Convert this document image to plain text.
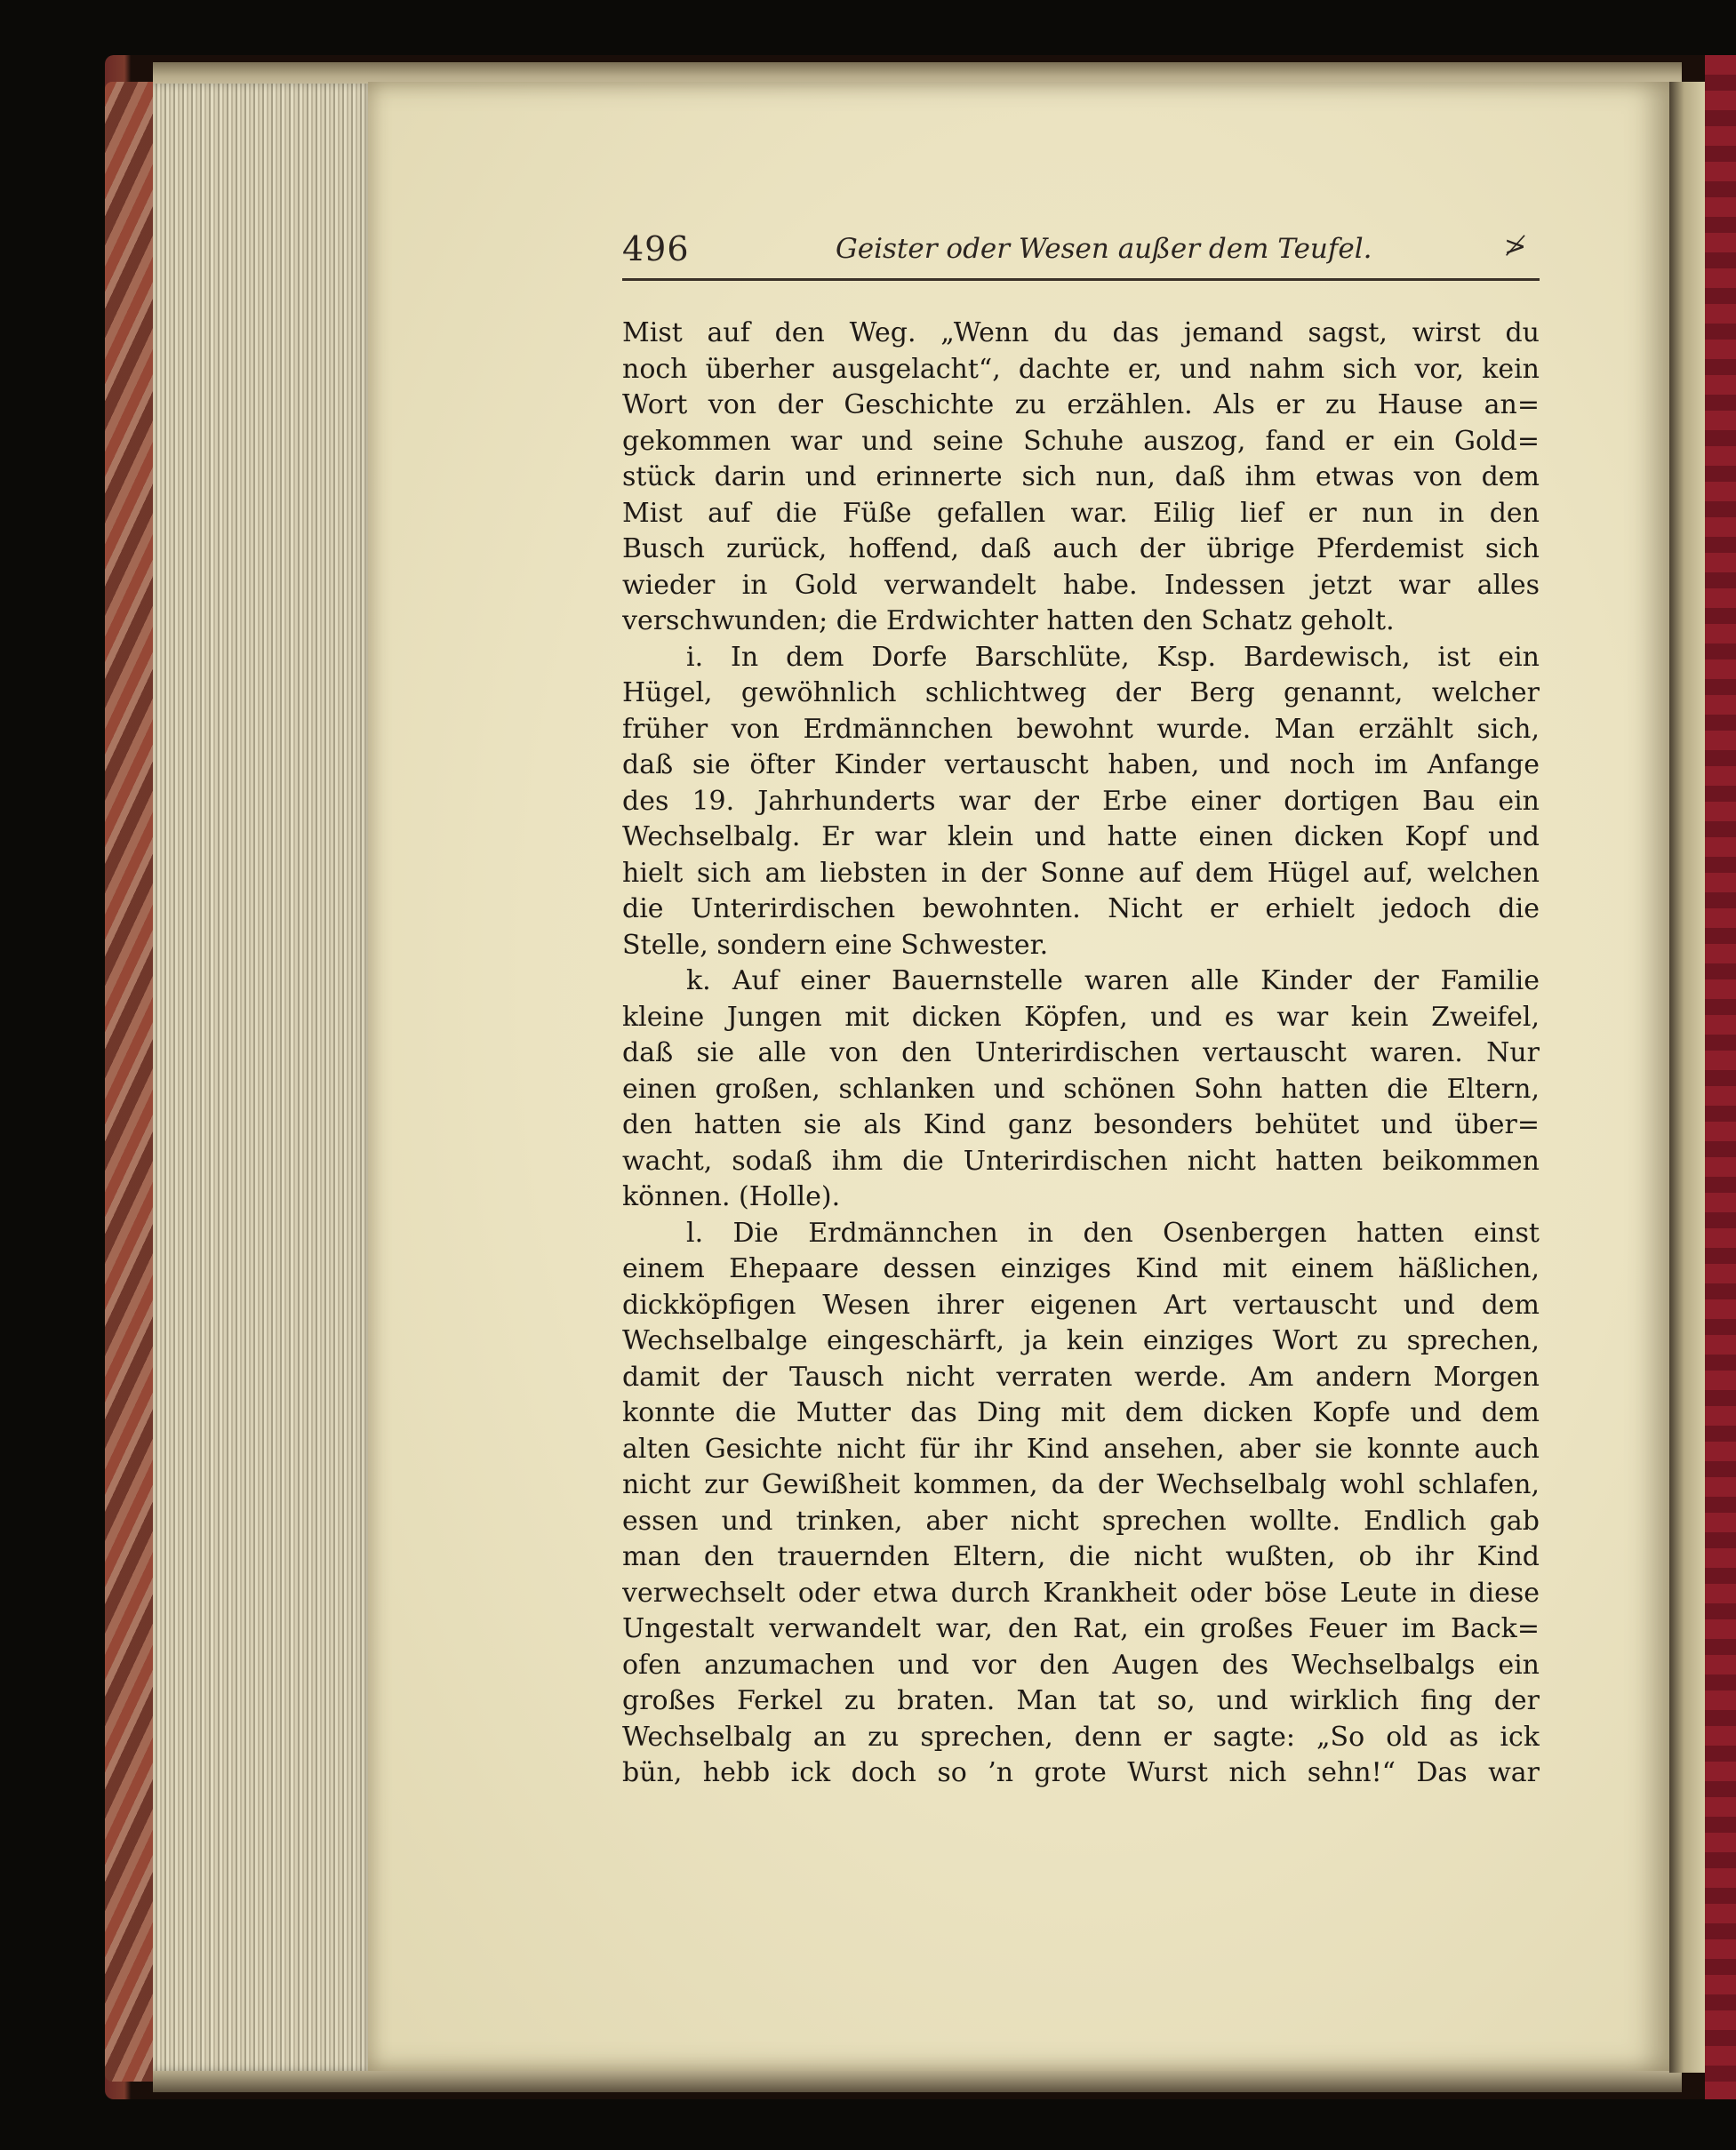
496	Geister oder Wesen außer dem Teufel.	≯
Mist auf den Weg. „Wenn du das jemand sagst, wirst du
noch überher ausgelacht“, dachte er, und nahm sich vor, kein
Wort von der Geschichte zu erzählen. Als er zu Hause an=
gekommen war und seine Schuhe auszog, fand er ein Gold=
stück darin und erinnerte sich nun, daß ihm etwas von dem
Mist auf die Füße gefallen war. Eilig lief er nun in den
Busch zurück, hoffend, daß auch der übrige Pferdemist sich
wieder in Gold verwandelt habe. Indessen jetzt war alles
verschwunden; die Erdwichter hatten den Schatz geholt.
i. In dem Dorfe Barschlüte, Ksp. Bardewisch, ist ein
Hügel, gewöhnlich schlichtweg der Berg genannt, welcher
früher von Erdmännchen bewohnt wurde. Man erzählt sich,
daß sie öfter Kinder vertauscht haben, und noch im Anfange
des 19. Jahrhunderts war der Erbe einer dortigen Bau ein
Wechselbalg. Er war klein und hatte einen dicken Kopf und
hielt sich am liebsten in der Sonne auf dem Hügel auf, welchen
die Unterirdischen bewohnten. Nicht er erhielt jedoch die
Stelle, sondern eine Schwester.
k. Auf einer Bauernstelle waren alle Kinder der Familie
kleine Jungen mit dicken Köpfen, und es war kein Zweifel,
daß sie alle von den Unterirdischen vertauscht waren. Nur
einen großen, schlanken und schönen Sohn hatten die Eltern,
den hatten sie als Kind ganz besonders behütet und über=
wacht, sodaß ihm die Unterirdischen nicht hatten beikommen
können. (Holle).
l. Die Erdmännchen in den Osenbergen hatten einst
einem Ehepaare dessen einziges Kind mit einem häßlichen,
dickköpfigen Wesen ihrer eigenen Art vertauscht und dem
Wechselbalge eingeschärft, ja kein einziges Wort zu sprechen,
damit der Tausch nicht verraten werde. Am andern Morgen
konnte die Mutter das Ding mit dem dicken Kopfe und dem
alten Gesichte nicht für ihr Kind ansehen, aber sie konnte auch
nicht zur Gewißheit kommen, da der Wechselbalg wohl schlafen,
essen und trinken, aber nicht sprechen wollte. Endlich gab
man den trauernden Eltern, die nicht wußten, ob ihr Kind
verwechselt oder etwa durch Krankheit oder böse Leute in diese
Ungestalt verwandelt war, den Rat, ein großes Feuer im Back=
ofen anzumachen und vor den Augen des Wechselbalgs ein
großes Ferkel zu braten. Man tat so, und wirklich fing der
Wechselbalg an zu sprechen, denn er sagte: „So old as ick
bün, hebb ick doch so ’n grote Wurst nich sehn!“ Das war
